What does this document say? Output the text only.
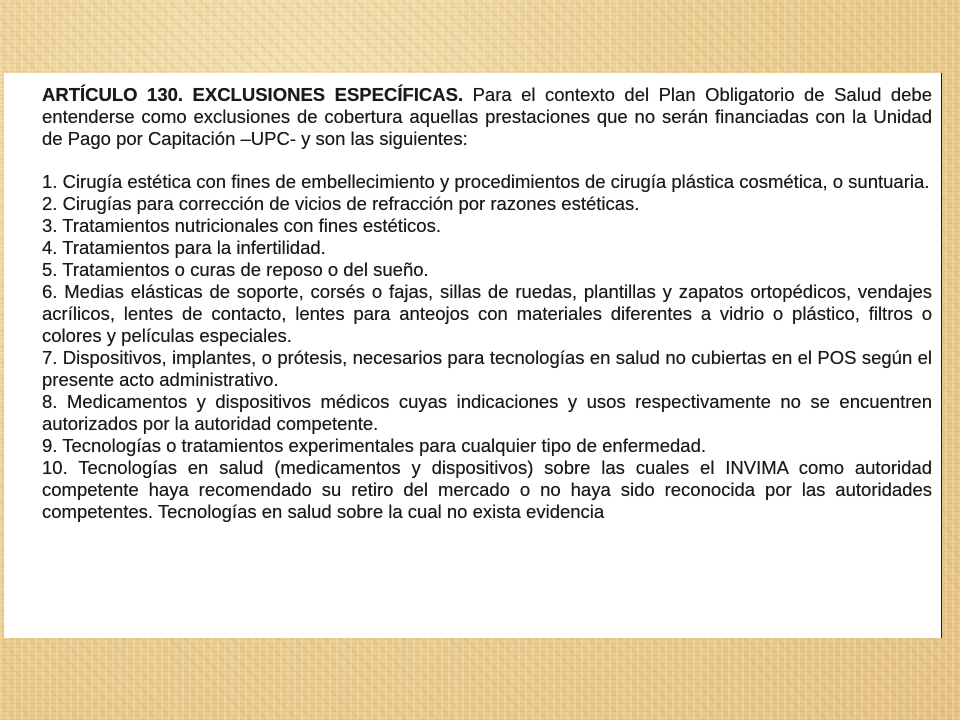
ARTÍCULO 130. EXCLUSIONES ESPECÍFICAS. Para el contexto del Plan Obligatorio de Salud debe entenderse como exclusiones de cobertura aquellas prestaciones que no serán financiadas con la Unidad de Pago por Capitación –UPC- y son las siguientes:

1. Cirugía estética con fines de embellecimiento y procedimientos de cirugía plástica cosmética, o suntuaria.

2. Cirugías para corrección de vicios de refracción por razones estéticas.

3. Tratamientos nutricionales con fines estéticos.

4. Tratamientos para la infertilidad.

5. Tratamientos o curas de reposo o del sueño.

6. Medias elásticas de soporte, corsés o fajas, sillas de ruedas, plantillas y zapatos ortopédicos, vendajes acrílicos, lentes de contacto, lentes para anteojos con materiales diferentes a vidrio o plástico, filtros o colores y películas especiales.

7. Dispositivos, implantes, o prótesis, necesarios para tecnologías en salud no cubiertas en el POS según el presente acto administrativo.

8. Medicamentos y dispositivos médicos cuyas indicaciones y usos respectivamente no se encuentren autorizados por la autoridad competente.

9. Tecnologías o tratamientos experimentales para cualquier tipo de enfermedad.

10. Tecnologías en salud (medicamentos y dispositivos) sobre las cuales el INVIMA como autoridad competente haya recomendado su retiro del mercado o no haya sido reconocida por las autoridades competentes. Tecnologías en salud sobre la cual no exista evidencia
